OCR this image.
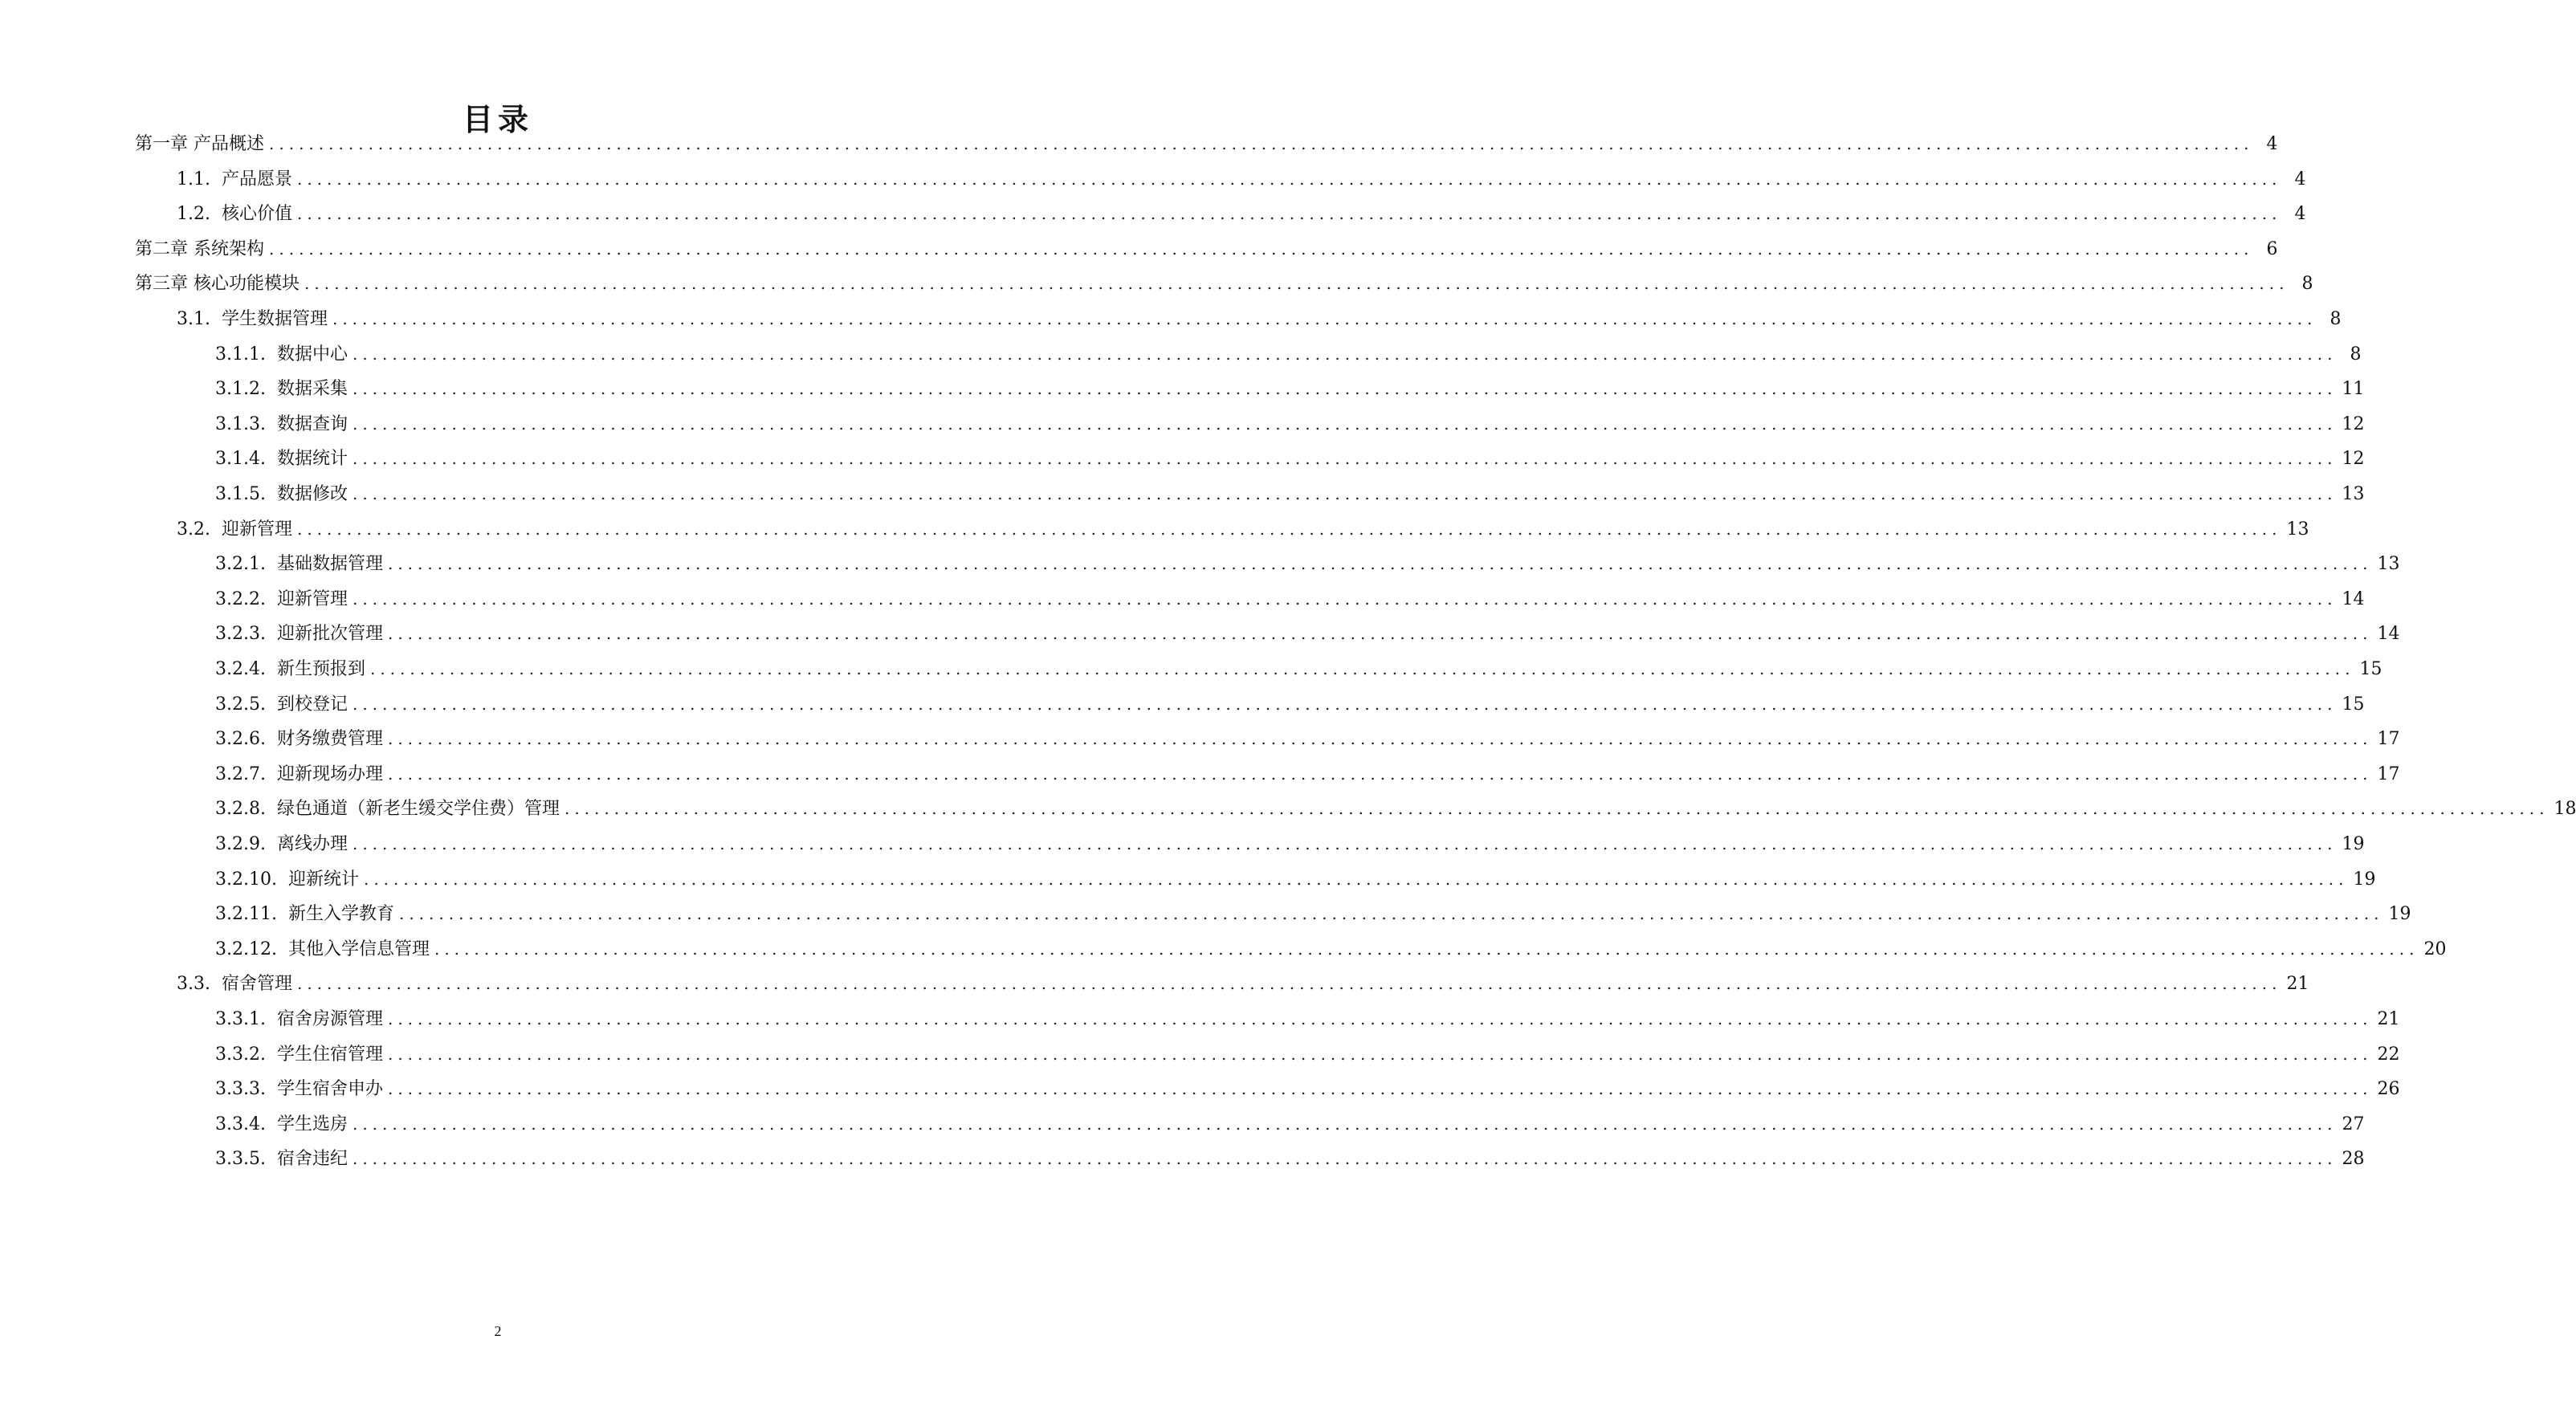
目录
第一章 产品概述 ........................................................................................................................................................................................................ 4
1.1.  产品愿景 ........................................................................................................................................................................................................ 4
1.2.  核心价值 ........................................................................................................................................................................................................ 4
第二章 系统架构 ........................................................................................................................................................................................................ 6
第三章 核心功能模块 ........................................................................................................................................................................................................ 8
3.1.  学生数据管理 ........................................................................................................................................................................................................ 8
3.1.1.  数据中心 ........................................................................................................................................................................................................ 8
3.1.2.  数据采集 ........................................................................................................................................................................................................ 11
3.1.3.  数据查询 ........................................................................................................................................................................................................ 12
3.1.4.  数据统计 ........................................................................................................................................................................................................ 12
3.1.5.  数据修改 ........................................................................................................................................................................................................ 13
3.2.  迎新管理 ........................................................................................................................................................................................................ 13
3.2.1.  基础数据管理 ........................................................................................................................................................................................................ 13
3.2.2.  迎新管理 ........................................................................................................................................................................................................ 14
3.2.3.  迎新批次管理 ........................................................................................................................................................................................................ 14
3.2.4.  新生预报到 ........................................................................................................................................................................................................ 15
3.2.5.  到校登记 ........................................................................................................................................................................................................ 15
3.2.6.  财务缴费管理 ........................................................................................................................................................................................................ 17
3.2.7.  迎新现场办理 ........................................................................................................................................................................................................ 17
3.2.8.  绿色通道（新老生缓交学住费）管理 ........................................................................................................................................................................................................ 18
3.2.9.  离线办理 ........................................................................................................................................................................................................ 19
3.2.10.  迎新统计 ........................................................................................................................................................................................................ 19
3.2.11.  新生入学教育 ........................................................................................................................................................................................................ 19
3.2.12.  其他入学信息管理 ........................................................................................................................................................................................................ 20
3.3.  宿舍管理 ........................................................................................................................................................................................................ 21
3.3.1.  宿舍房源管理 ........................................................................................................................................................................................................ 21
3.3.2.  学生住宿管理 ........................................................................................................................................................................................................ 22
3.3.3.  学生宿舍申办 ........................................................................................................................................................................................................ 26
3.3.4.  学生选房 ........................................................................................................................................................................................................ 27
3.3.5.  宿舍违纪 ........................................................................................................................................................................................................ 28
2
